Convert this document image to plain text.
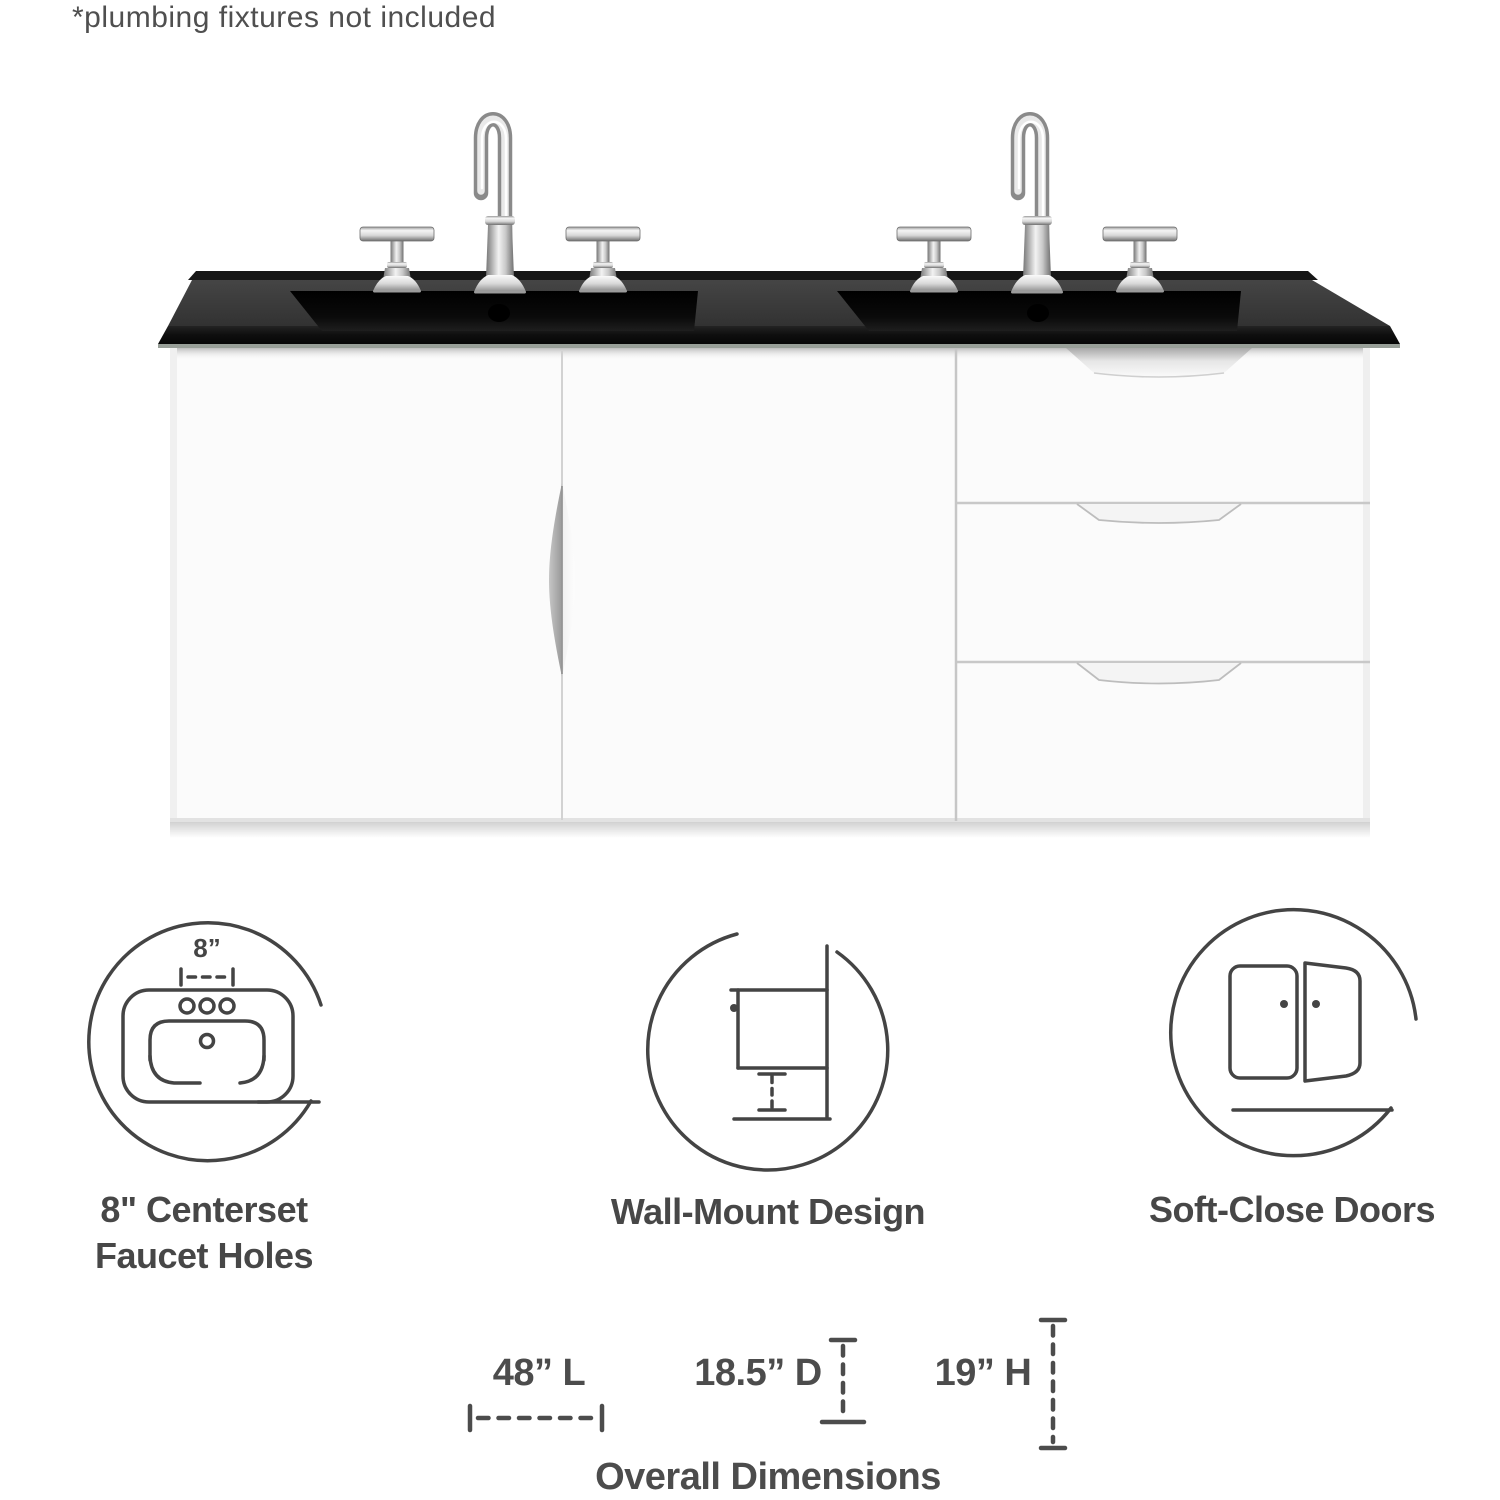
*plumbing fixtures not included
8”
8" Centerset
Faucet Holes
Wall-Mount Design	Soft-Close Doors
48” L	18.5” D	19” H
Overall Dimensions
